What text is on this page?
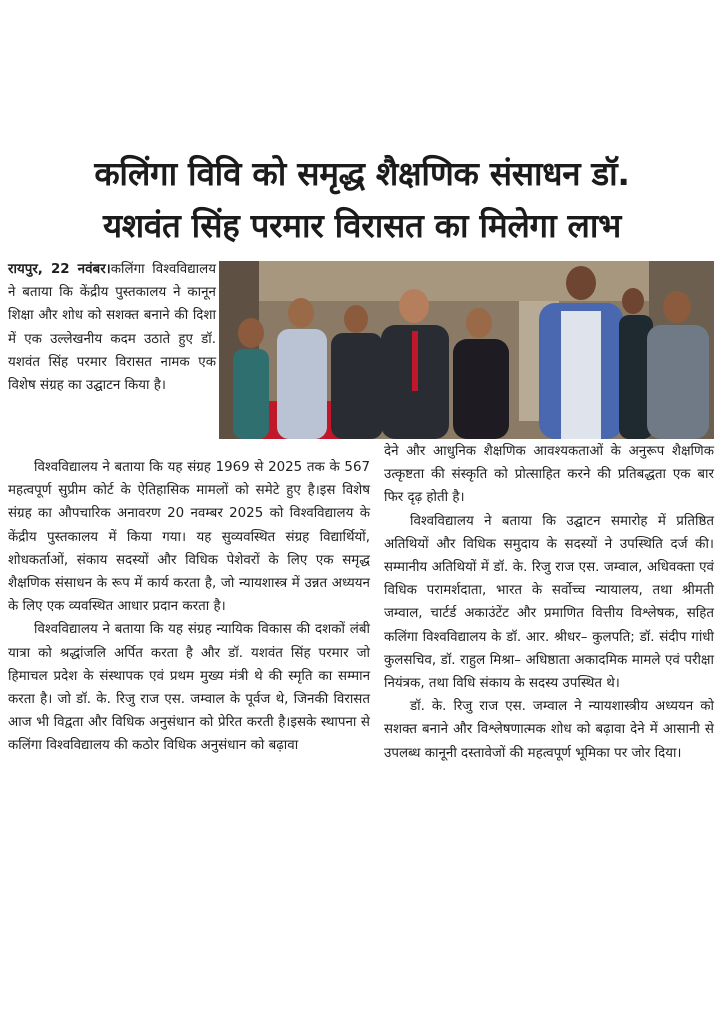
कलिंगा विवि को समृद्ध शैक्षणिक संसाधन डॉ.
यशवंत सिंह परमार विरासत का मिलेगा लाभ

रायपुर, 22 नवंबर।कलिंगा विश्वविद्यालय ने बताया कि केंद्रीय पुस्तकालय ने कानून शिक्षा और शोध को सशक्त बनाने की दिशा में एक उल्लेखनीय कदम उठाते हुए डॉ. यशवंत सिंह परमार विरासत नामक एक विशेष संग्रह का उद्घाटन किया है।

विश्वविद्यालय ने बताया कि यह संग्रह 1969 से 2025 तक के 567 महत्वपूर्ण सुप्रीम कोर्ट के ऐतिहासिक मामलों को समेटे हुए है।इस विशेष संग्रह का औपचारिक अनावरण 20 नवम्बर 2025 को विश्वविद्यालय के केंद्रीय पुस्तकालय में किया गया। यह सुव्यवस्थित संग्रह विद्यार्थियों, शोधकर्ताओं, संकाय सदस्यों और विधिक पेशेवरों के लिए एक समृद्ध शैक्षणिक संसाधन के रूप में कार्य करता है, जो न्यायशास्त्र में उन्नत अध्ययन के लिए एक व्यवस्थित आधार प्रदान करता है।

विश्वविद्यालय ने बताया कि यह संग्रह न्यायिक विकास की दशकों लंबी यात्रा को श्रद्धांजलि अर्पित करता है और डॉ. यशवंत सिंह परमार जो हिमाचल प्रदेश के संस्थापक एवं प्रथम मुख्य मंत्री थे की स्मृति का सम्मान करता है। जो डॉ. के. रिजु राज एस. जम्वाल के पूर्वज थे, जिनकी विरासत आज भी विद्वता और विधिक अनुसंधान को प्रेरित करती है।इसके स्थापना से कलिंगा विश्वविद्यालय की कठोर विधिक अनुसंधान को बढ़ावा

देने और आधुनिक शैक्षणिक आवश्यकताओं के अनुरूप शैक्षणिक उत्कृष्टता की संस्कृति को प्रोत्साहित करने की प्रतिबद्धता एक बार फिर दृढ़ होती है।

विश्वविद्यालय ने बताया कि उद्घाटन समारोह में प्रतिष्ठित अतिथियों और विधिक समुदाय के सदस्यों ने उपस्थिति दर्ज की।सम्मानीय अतिथियों में डॉ. के. रिजु राज एस. जम्वाल, अधिवक्ता एवं विधिक परामर्शदाता, भारत के सर्वोच्च न्यायालय, तथा श्रीमती जम्वाल, चार्टर्ड अकाउंटेंट और प्रमाणित वित्तीय विश्लेषक, सहित कलिंगा विश्वविद्यालय के डॉ. आर. श्रीधर– कुलपति; डॉ. संदीप गांधी कुलसचिव, डॉ. राहुल मिश्रा– अधिष्ठाता अकादमिक मामले एवं परीक्षा नियंत्रक, तथा विधि संकाय के सदस्य उपस्थित थे।

डॉ. के. रिजु राज एस. जम्वाल ने न्यायशास्त्रीय अध्ययन को सशक्त बनाने और विश्लेषणात्मक शोध को बढ़ावा देने में आसानी से उपलब्ध कानूनी दस्तावेजों की महत्वपूर्ण भूमिका पर जोर दिया।
